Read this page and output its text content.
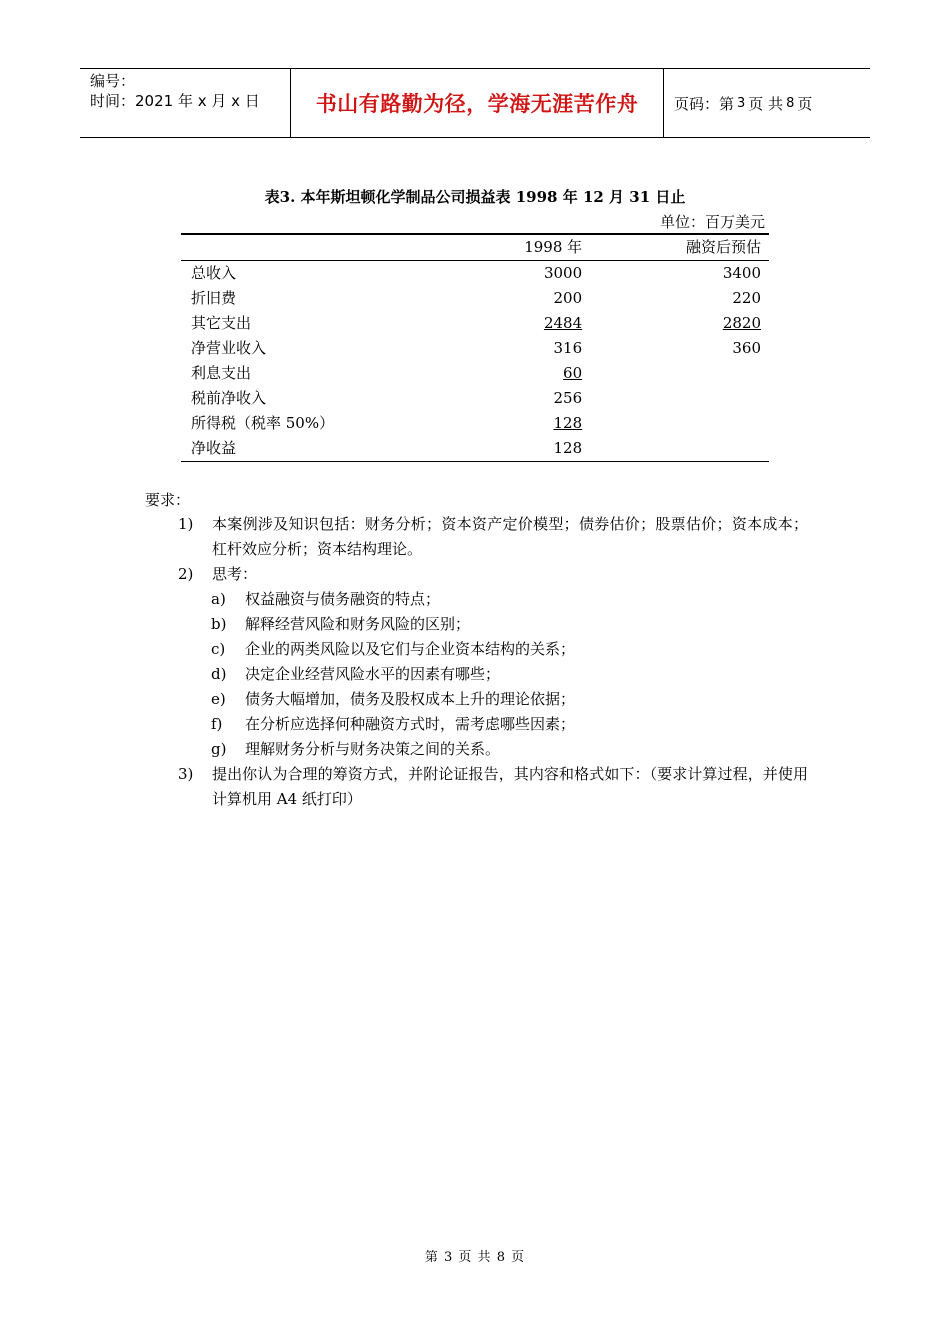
编号：
时间：2021 年 x 月 x 日	书山有路勤为径，学海无涯苦作舟	页码：第 3 页 共 8 页
表3. 本年斯坦顿化学制品公司损益表 1998 年 12 月 31 日止
单位：百万美元
	1998 年	融资后预估
总收入	3000	3400
折旧费	200	220
其它支出	2484	2820
净营业收入	316	360
利息支出	60	
税前净收入	256	
所得税（税率 50%）	128	
净收益	128	
要求：
1)	本案例涉及知识包括：财务分析；资本资产定价模型；债券估价；股票估价；资本成本；杠杆效应分析；资本结构理论。
2)	思考：
a)	权益融资与债务融资的特点；
b)	解释经营风险和财务风险的区别；
c)	企业的两类风险以及它们与企业资本结构的关系；
d)	决定企业经营风险水平的因素有哪些；
e)	债务大幅增加，债务及股权成本上升的理论依据；
f)	在分析应选择何种融资方式时，需考虑哪些因素；
g)	理解财务分析与财务决策之间的关系。
3)	提出你认为合理的筹资方式，并附论证报告，其内容和格式如下：（要求计算过程，并使用计算机用 A4 纸打印）
第 3 页 共 8 页
